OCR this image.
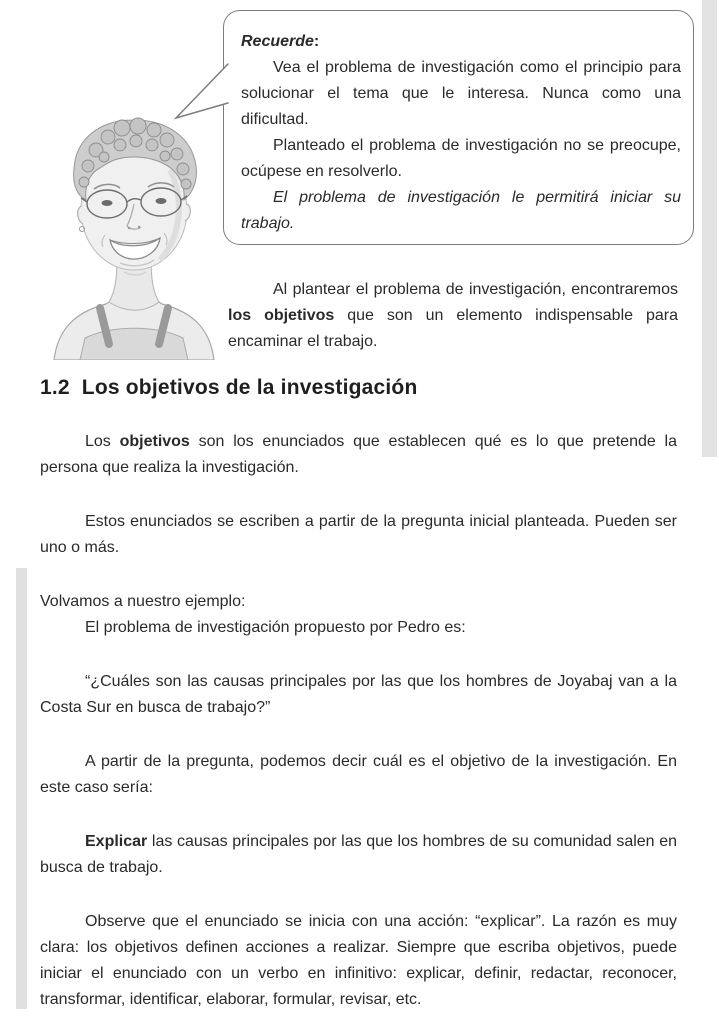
Recuerde:

Vea el problema de investigación como el principio para solucionar el tema que le interesa. Nunca como una dificultad.

Planteado el problema de investigación no se preocupe, ocúpese en resolverlo.

El problema de investigación le permitirá iniciar su trabajo.

Al plantear el problema de investigación, encontraremos los objetivos que son un elemento indispensable para encaminar el trabajo.

1.2 Los objetivos de la investigación

Los objetivos son los enunciados que establecen qué es lo que pretende la persona que realiza la investigación.

Estos enunciados se escriben a partir de la pregunta inicial planteada. Pueden ser uno o más.

Volvamos a nuestro ejemplo:

El problema de investigación propuesto por Pedro es:

“¿Cuáles son las causas principales por las que los hombres de Joyabaj van a la Costa Sur en busca de trabajo?”

A partir de la pregunta, podemos decir cuál es el objetivo de la investigación. En este caso sería:

Explicar las causas principales por las que los hombres de su comunidad salen en busca de trabajo.

Observe que el enunciado se inicia con una acción: “explicar”. La razón es muy clara: los objetivos definen acciones a realizar. Siempre que escriba objetivos, puede iniciar el enunciado con un verbo en infinitivo: explicar, definir, redactar, reconocer, transformar, identificar, elaborar, formular, revisar, etc.
